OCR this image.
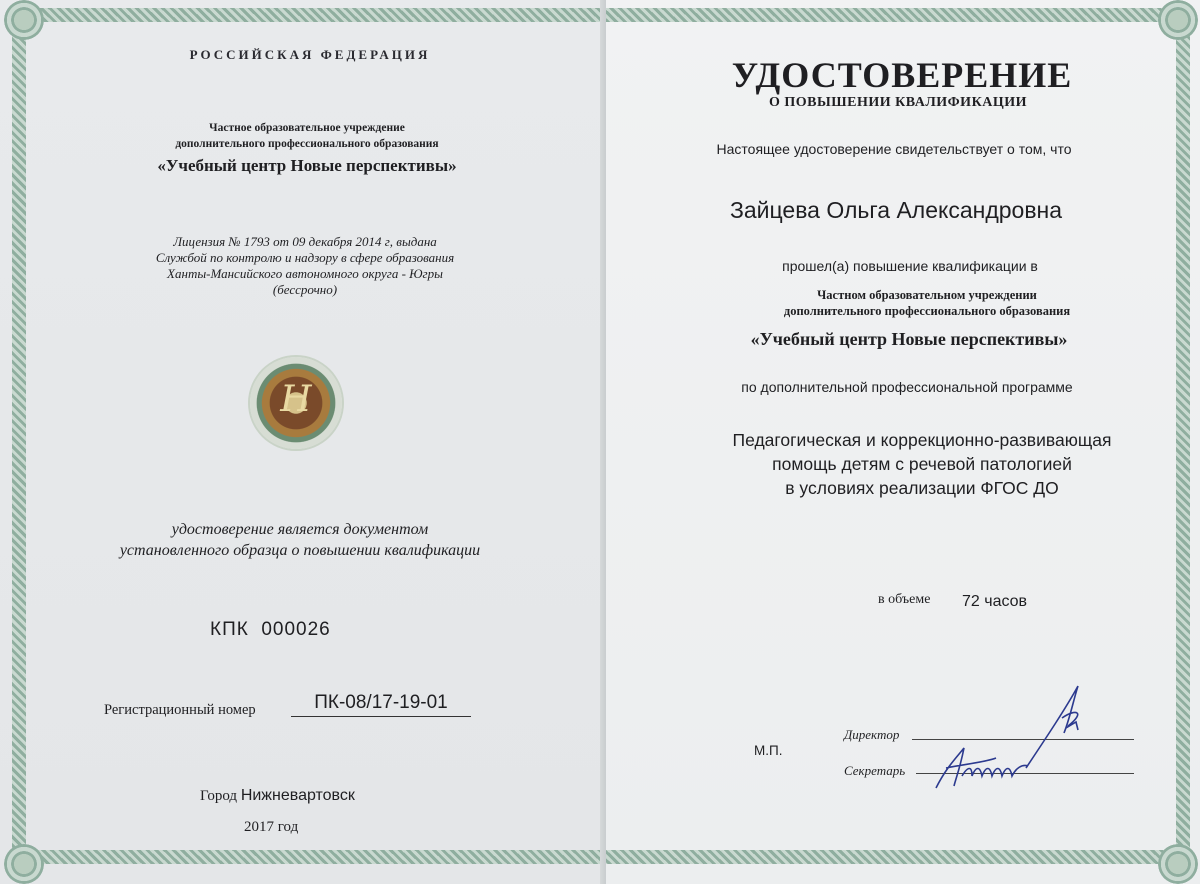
РОССИЙСКАЯ ФЕДЕРАЦИЯ

Частное образовательное учреждение
дополнительного профессионального образования

«Учебный центр Новые перспективы»

Лицензия № 1793 от 09 декабря 2014 г, выдана
Службой по контролю и надзору в сфере образования
Ханты-Мансийского автономного округа - Югры
(бессрочно)
Н
удостоверение является документом
установленного образца о повышении квалификации

КПК  000026

Регистрационный номер	ПК-08/17-19-01

Город Нижневартовск

2017 год

УДОСТОВЕРЕНИЕ

О ПОВЫШЕНИИ КВАЛИФИКАЦИИ

Настоящее удостоверение свидетельствует о том, что

Зайцева Ольга Александровна

прошел(а) повышение квалификации в

Частном образовательном учреждении
дополнительного профессионального образования

«Учебный центр Новые перспективы»

по дополнительной профессиональной программе

Педагогическая и коррекционно-развивающая
помощь детям с речевой патологией
в условиях реализации ФГОС ДО

в объеме 72 часов

М.П.

Директор

Секретарь
